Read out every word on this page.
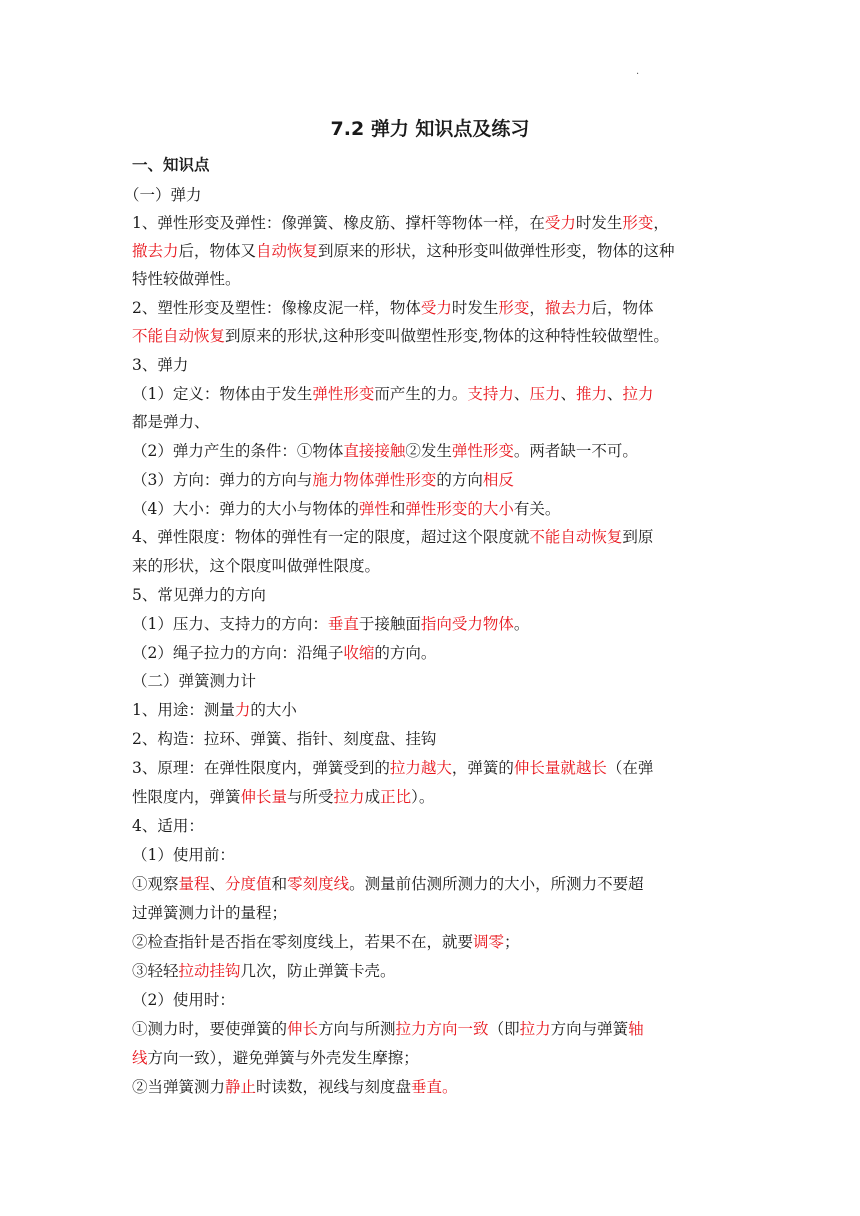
.
7.2 弹力 知识点及练习
一、知识点
（一）弹力
1、弹性形变及弹性：像弹簧、橡皮筋、撑杆等物体一样，在受力时发生形变，
撤去力后，物体又自动恢复到原来的形状，这种形变叫做弹性形变，物体的这种
特性较做弹性。
2、塑性形变及塑性：像橡皮泥一样，物体受力时发生形变，撤去力后，物体
不能自动恢复到原来的形状,这种形变叫做塑性形变,物体的这种特性较做塑性。
3、弹力
（1）定义：物体由于发生弹性形变而产生的力。支持力、压力、推力、拉力
都是弹力、
（2）弹力产生的条件：①物体直接接触②发生弹性形变。两者缺一不可。
（3）方向：弹力的方向与施力物体弹性形变的方向相反
（4）大小：弹力的大小与物体的弹性和弹性形变的大小有关。
4、弹性限度：物体的弹性有一定的限度，超过这个限度就不能自动恢复到原
来的形状，这个限度叫做弹性限度。
5、常见弹力的方向
（1）压力、支持力的方向：垂直于接触面指向受力物体。
（2）绳子拉力的方向：沿绳子收缩的方向。
（二）弹簧测力计
1、用途：测量力的大小
2、构造：拉环、弹簧、指针、刻度盘、挂钩
3、原理：在弹性限度内，弹簧受到的拉力越大，弹簧的伸长量就越长（在弹
性限度内，弹簧伸长量与所受拉力成正比）。
4、适用：
（1）使用前：
①观察量程、分度值和零刻度线。测量前估测所测力的大小，所测力不要超
过弹簧测力计的量程；
②检查指针是否指在零刻度线上，若果不在，就要调零；
③轻轻拉动挂钩几次，防止弹簧卡壳。
（2）使用时：
①测力时，要使弹簧的伸长方向与所测拉力方向一致（即拉力方向与弹簧轴
线方向一致），避免弹簧与外壳发生摩擦；
②当弹簧测力静止时读数，视线与刻度盘垂直。
